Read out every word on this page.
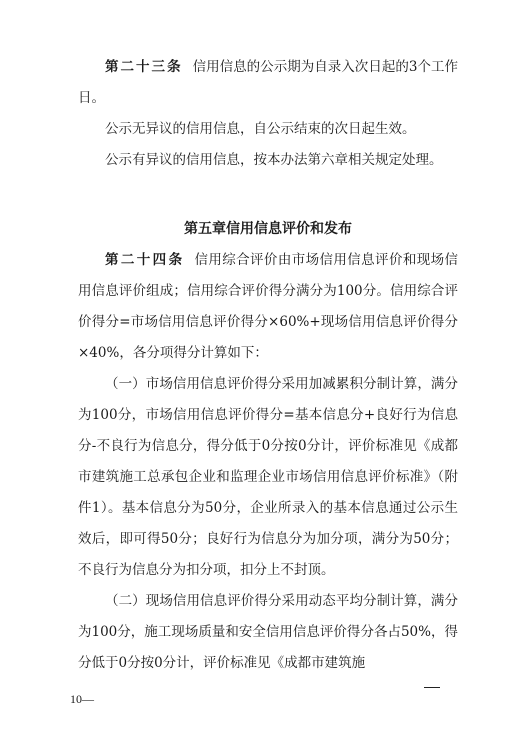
第二十三条 信用信息的公示期为自录入次日起的3个工作日。

公示无异议的信用信息，自公示结束的次日起生效。

公示有异议的信用信息，按本办法第六章相关规定处理。

第五章信用信息评价和发布

第二十四条 信用综合评价由市场信用信息评价和现场信用信息评价组成；信用综合评价得分满分为100分。信用综合评价得分=市场信用信息评价得分×60%+现场信用信息评价得分×40%，各分项得分计算如下：

（一）市场信用信息评价得分采用加减累积分制计算，满分为100分，市场信用信息评价得分=基本信息分+良好行为信息分-不良行为信息分，得分低于0分按0分计，评价标准见《成都市建筑施工总承包企业和监理企业市场信用信息评价标准》（附件1）。基本信息分为50分，企业所录入的基本信息通过公示生效后，即可得50分；良好行为信息分为加分项，满分为50分；不良行为信息分为扣分项，扣分上不封顶。

（二）现场信用信息评价得分采用动态平均分制计算，满分为100分，施工现场质量和安全信用信息评价得分各占50%，得分低于0分按0分计，评价标准见《成都市建筑施

10—
